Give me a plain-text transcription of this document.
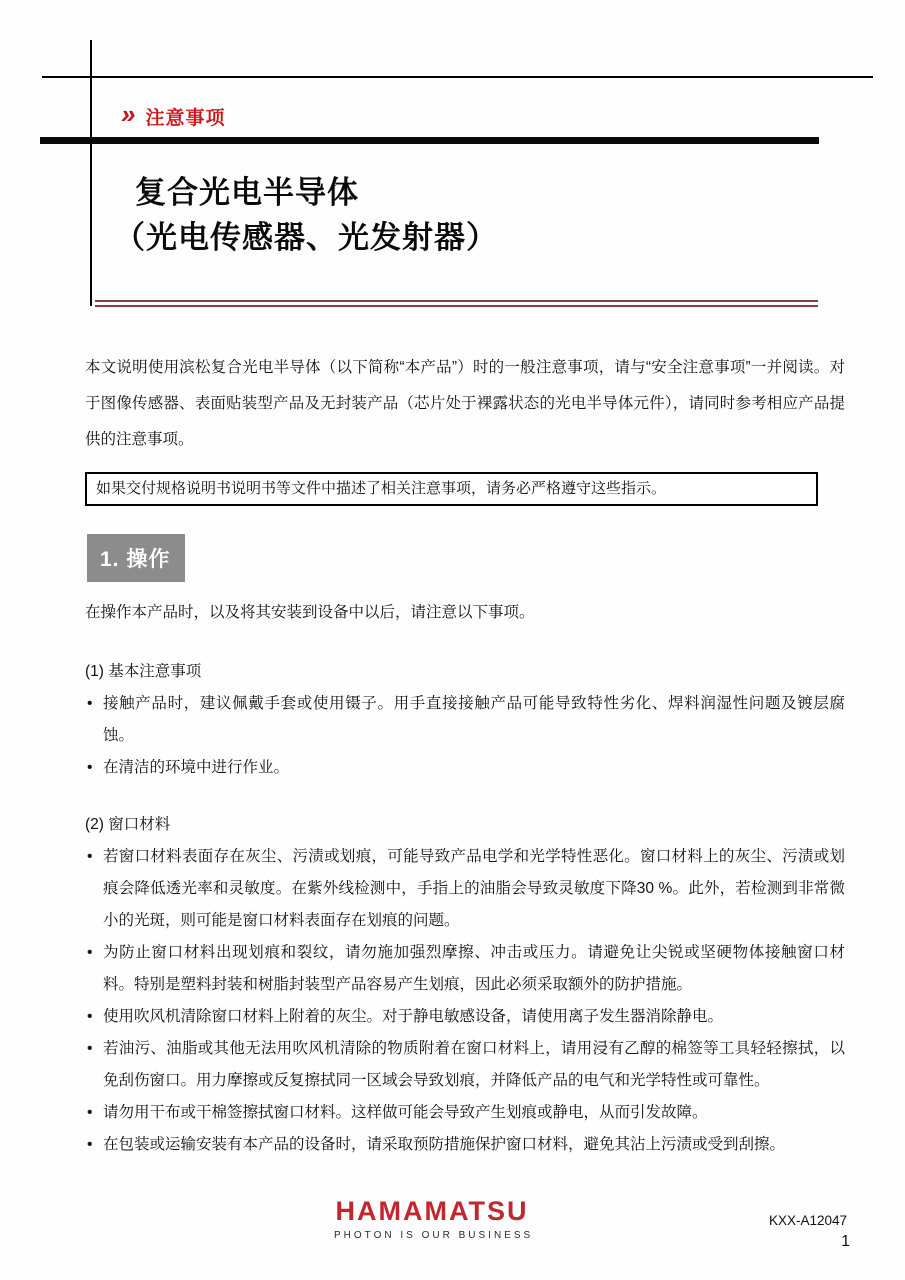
» 注意事项
复合光电半导体
（光电传感器、光发射器）

本文说明使用滨松复合光电半导体（以下简称“本产品”）时的一般注意事项，请与“安全注意事项”一并阅读。对于图像传感器、表面贴装型产品及无封装产品（芯片处于裸露状态的光电半导体元件），请同时参考相应产品提供的注意事项。

如果交付规格说明书说明书等文件中描述了相关注意事项，请务必严格遵守这些指示。
1. 操作

在操作本产品时，以及将其安装到设备中以后，请注意以下事项。

(1) 基本注意事项

• 接触产品时，建议佩戴手套或使用镊子。用手直接接触产品可能导致特性劣化、焊料润湿性问题及镀层腐蚀。
• 在清洁的环境中进行作业。

(2) 窗口材料

• 若窗口材料表面存在灰尘、污渍或划痕，可能导致产品电学和光学特性恶化。窗口材料上的灰尘、污渍或划痕会降低透光率和灵敏度。在紫外线检测中，手指上的油脂会导致灵敏度下降30 %。此外，若检测到非常微小的光斑，则可能是窗口材料表面存在划痕的问题。
• 为防止窗口材料出现划痕和裂纹，请勿施加强烈摩擦、冲击或压力。请避免让尖锐或坚硬物体接触窗口材料。特别是塑料封装和树脂封装型产品容易产生划痕，因此必须采取额外的防护措施。
• 使用吹风机清除窗口材料上附着的灰尘。对于静电敏感设备，请使用离子发生器消除静电。
• 若油污、油脂或其他无法用吹风机清除的物质附着在窗口材料上，请用浸有乙醇的棉签等工具轻轻擦拭，以免刮伤窗口。用力摩擦或反复擦拭同一区域会导致划痕，并降低产品的电气和光学特性或可靠性。
• 请勿用干布或干棉签擦拭窗口材料。这样做可能会导致产生划痕或静电，从而引发故障。
• 在包装或运输安装有本产品的设备时，请采取预防措施保护窗口材料，避免其沾上污渍或受到刮擦。
HAMAMATSU
PHOTON IS OUR BUSINESS
KXX-A12047
1
